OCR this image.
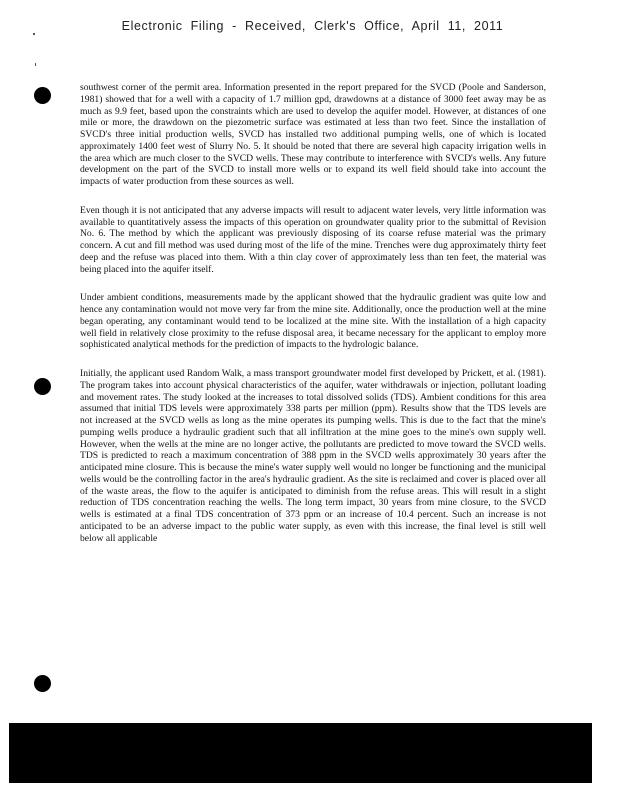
Electronic Filing - Received, Clerk's Office, April 11, 2011

southwest corner of the permit area. Information presented in the report prepared for the SVCD (Poole and Sanderson, 1981) showed that for a well with a capacity of 1.7 million gpd, drawdowns at a distance of 3000 feet away may be as much as 9.9 feet, based upon the constraints which are used to develop the aquifer model. However, at distances of one mile or more, the drawdown on the piezometric surface was estimated at less than two feet. Since the installation of SVCD's three initial production wells, SVCD has installed two additional pumping wells, one of which is located approximately 1400 feet west of Slurry No. 5. It should be noted that there are several high capacity irrigation wells in the area which are much closer to the SVCD wells. These may contribute to interference with SVCD's wells. Any future development on the part of the SVCD to install more wells or to expand its well field should take into account the impacts of water production from these sources as well.

Even though it is not anticipated that any adverse impacts will result to adjacent water levels, very little information was available to quantitatively assess the impacts of this operation on groundwater quality prior to the submittal of Revision No. 6. The method by which the applicant was previously disposing of its coarse refuse material was the primary concern. A cut and fill method was used during most of the life of the mine. Trenches were dug approximately thirty feet deep and the refuse was placed into them. With a thin clay cover of approximately less than ten feet, the material was being placed into the aquifer itself.

Under ambient conditions, measurements made by the applicant showed that the hydraulic gradient was quite low and hence any contamination would not move very far from the mine site. Additionally, once the production well at the mine began operating, any contaminant would tend to be localized at the mine site. With the installation of a high capacity well field in relatively close proximity to the refuse disposal area, it became necessary for the applicant to employ more sophisticated analytical methods for the prediction of impacts to the hydrologic balance.

Initially, the applicant used Random Walk, a mass transport groundwater model first developed by Prickett, et al. (1981). The program takes into account physical characteristics of the aquifer, water withdrawals or injection, pollutant loading and movement rates. The study looked at the increases to total dissolved solids (TDS). Ambient conditions for this area assumed that initial TDS levels were approximately 338 parts per million (ppm). Results show that the TDS levels are not increased at the SVCD wells as long as the mine operates its pumping wells. This is due to the fact that the mine's pumping wells produce a hydraulic gradient such that all infiltration at the mine goes to the mine's own supply well. However, when the wells at the mine are no longer active, the pollutants are predicted to move toward the SVCD wells. TDS is predicted to reach a maximum concentration of 388 ppm in the SVCD wells approximately 30 years after the anticipated mine closure. This is because the mine's water supply well would no longer be functioning and the municipal wells would be the controlling factor in the area's hydraulic gradient. As the site is reclaimed and cover is placed over all of the waste areas, the flow to the aquifer is anticipated to diminish from the refuse areas. This will result in a slight reduction of TDS concentration reaching the wells. The long term impact, 30 years from mine closure, to the SVCD wells is estimated at a final TDS concentration of 373 ppm or an increase of 10.4 percent. Such an increase is not anticipated to be an adverse impact to the public water supply, as even with this increase, the final level is still well below all applicable
